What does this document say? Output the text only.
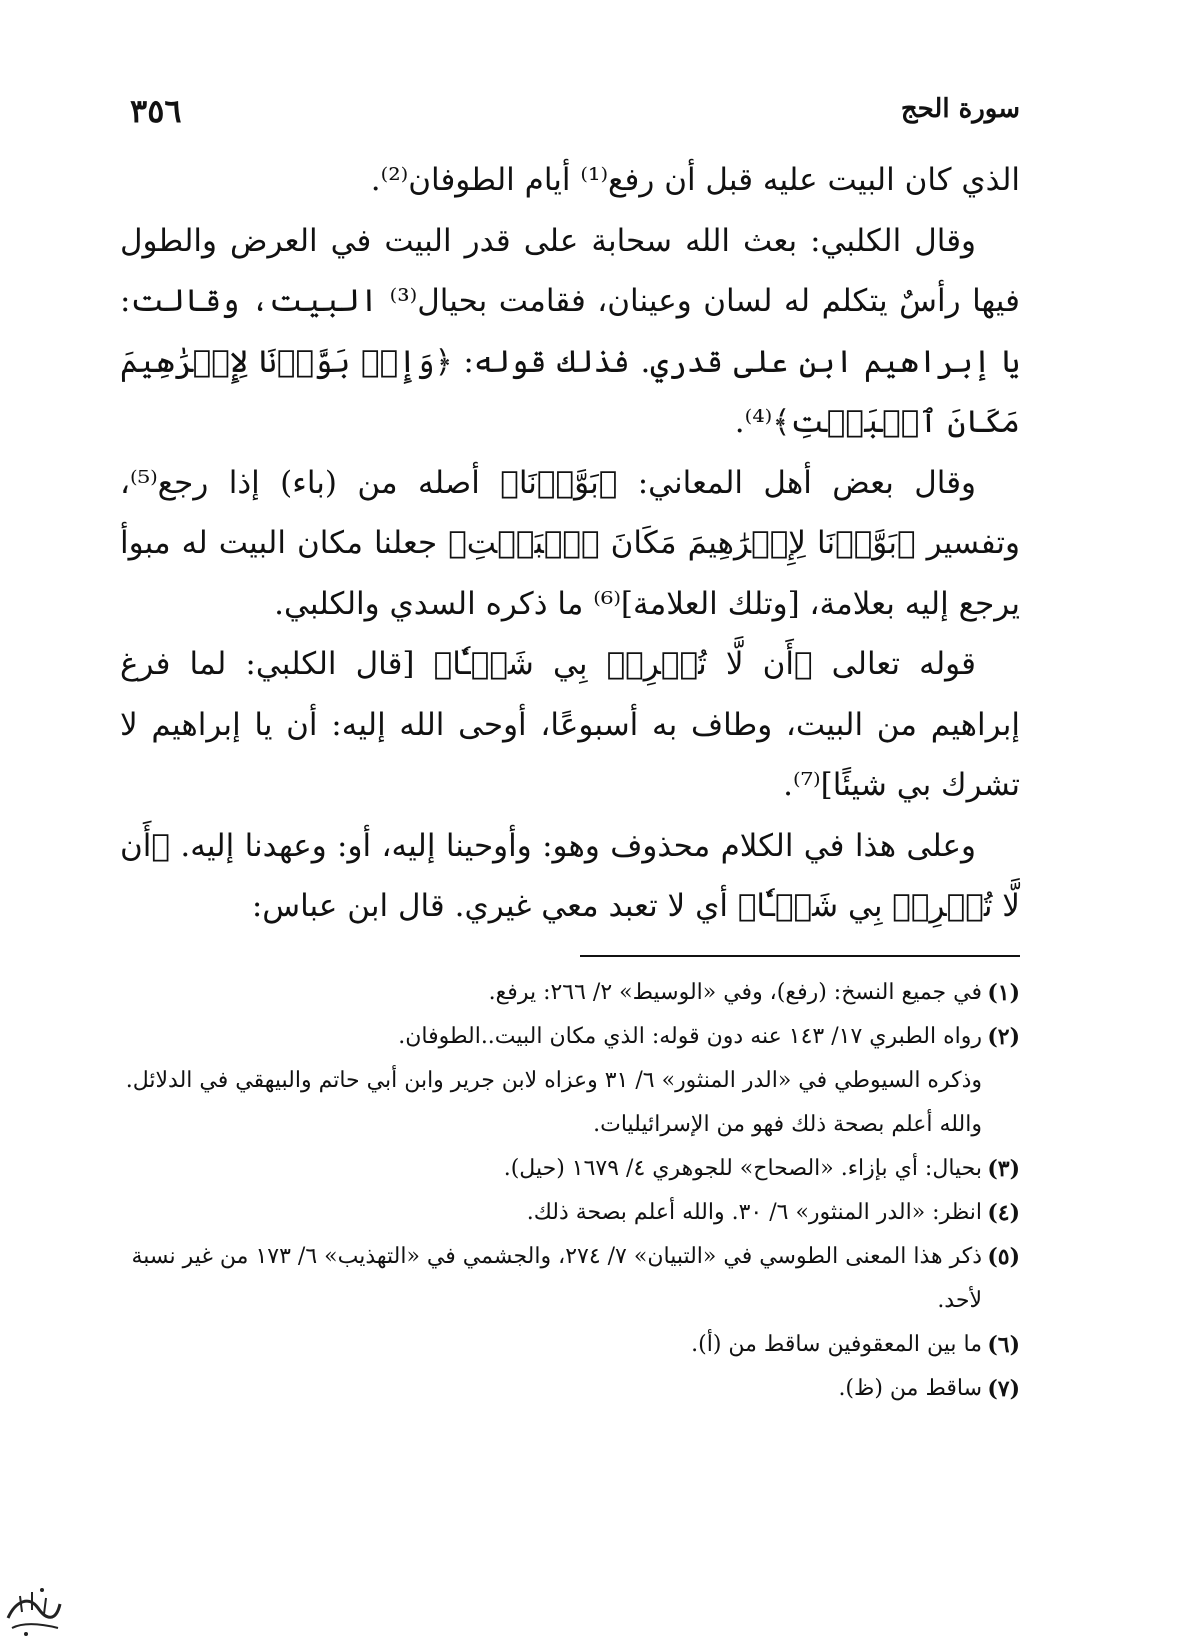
سورة الحج
٣٥٦

الذي كان البيت عليه قبل أن رفع⁽¹⁾ أيام الطوفان⁽²⁾.

وقال الكلبي: بعث الله سحابة على قدر البيت في العرض والطول فيها رأسٌ يتكلم له لسان وعينان، فقامت بحيال⁽³⁾ البيت، وقالت: يا إبراهيم ابن على قدري. فذلك قوله: ﴿وَإِذۡ بَوَّأۡنَا لِإِبۡرَٰهِيمَ مَكَانَ ٱلۡبَيۡتِ﴾⁽⁴⁾.

وقال بعض أهل المعاني: ﴿بَوَّأۡنَا﴾ أصله من (باء) إذا رجع⁽⁵⁾، وتفسير ﴿بَوَّأۡنَا لِإِبۡرَٰهِيمَ مَكَانَ ٱلۡبَيۡتِ﴾ جعلنا مكان البيت له مبوأ يرجع إليه بعلامة، [وتلك العلامة]⁽⁶⁾ ما ذكره السدي والكلبي.

قوله تعالى ﴿أَن لَّا تُشۡرِكۡ بِي شَيۡـٔٗا﴾ [قال الكلبي: لما فرغ إبراهيم من البيت، وطاف به أسبوعًا، أوحى الله إليه: أن يا إبراهيم لا تشرك بي شيئًا]⁽⁷⁾.

وعلى هذا في الكلام محذوف وهو: وأوحينا إليه، أو: وعهدنا إليه. ﴿أَن لَّا تُشۡرِكۡ بِي شَيۡـٔٗا﴾ أي لا تعبد معي غيري. قال ابن عباس:

(١)
في جميع النسخ: (رفع)، وفي «الوسيط» ٢/ ٢٦٦: يرفع.
(٢)
رواه الطبري ١٧/ ١٤٣ عنه دون قوله: الذي مكان البيت..الطوفان.
وذكره السيوطي في «الدر المنثور» ٦/ ٣١ وعزاه لابن جرير وابن أبي حاتم والبيهقي في الدلائل. والله أعلم بصحة ذلك فهو من الإسرائيليات.
(٣)
بحيال: أي بإزاء. «الصحاح» للجوهري ٤/ ١٦٧٩ (حيل).
(٤)
انظر: «الدر المنثور» ٦/ ٣٠. والله أعلم بصحة ذلك.
(٥)
ذكر هذا المعنى الطوسي في «التبيان» ٧/ ٢٧٤، والجشمي في «التهذيب» ٦/ ١٧٣ من غير نسبة لأحد.
(٦)
ما بين المعقوفين ساقط من (أ).
(٧)
ساقط من (ظ).
